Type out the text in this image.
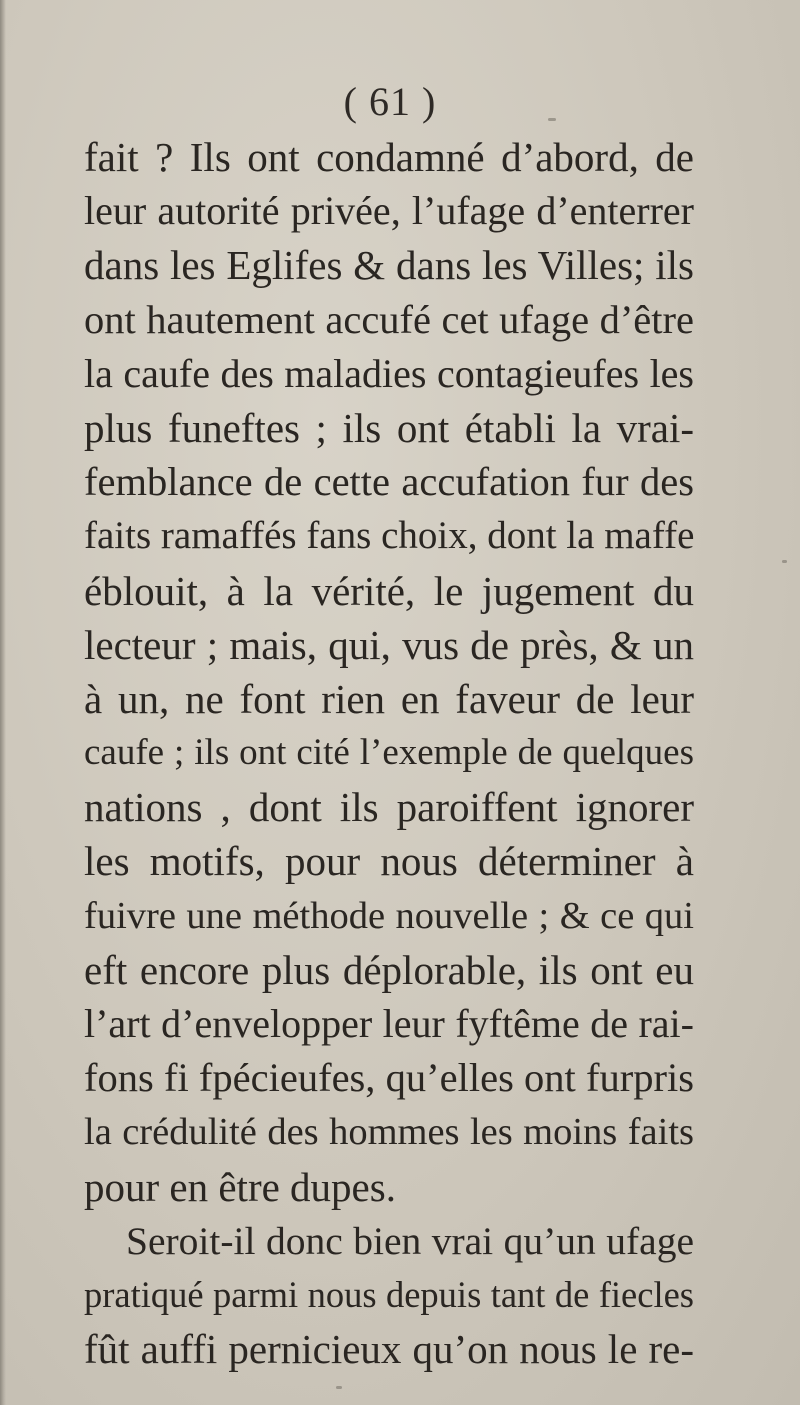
( 61 )
fait ? Ils ont condamné d’abord, de
leur autorité privée, l’ufage d’enterrer
dans les Eglifes & dans les Villes; ils
ont hautement accufé cet ufage d’être
la caufe des maladies contagieufes les
plus funeftes ; ils ont établi la vrai-
femblance de cette accufation fur des
faits ramaffés fans choix, dont la maffe
éblouit, à la vérité, le jugement du
lecteur ; mais, qui, vus de près, & un
à un, ne font rien en faveur de leur
caufe ; ils ont cité l’exemple de quelques
nations , dont ils paroiffent ignorer
les motifs, pour nous déterminer à
fuivre une méthode nouvelle ; & ce qui
eft encore plus déplorable, ils ont eu
l’art d’envelopper leur fyftême de rai-
fons fi fpécieufes, qu’elles ont furpris
la crédulité des hommes les moins faits
pour en être dupes.
Seroit-il donc bien vrai qu’un ufage
pratiqué parmi nous depuis tant de fiecles
fût auffi pernicieux qu’on nous le re-
